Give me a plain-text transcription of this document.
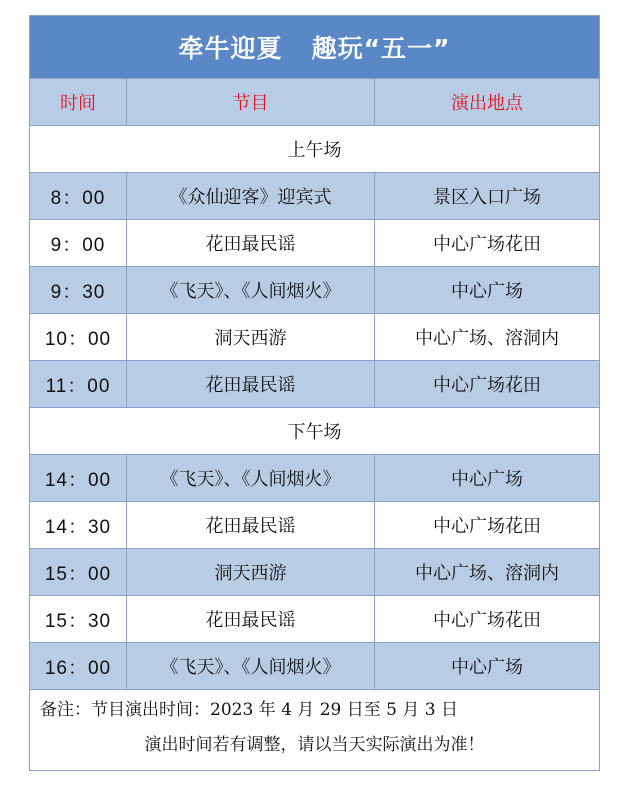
牵牛迎夏   趣玩“五一”
时间	节目	演出地点
上午场
8：00	《众仙迎客》迎宾式	景区入口广场
9：00	花田最民谣	中心广场花田
9：30	《飞天》、《人间烟火》	中心广场
10：00	洞天西游	中心广场、溶洞内
11：00	花田最民谣	中心广场花田
下午场
14：00	《飞天》、《人间烟火》	中心广场
14：30	花田最民谣	中心广场花田
15：00	洞天西游	中心广场、溶洞内
15：30	花田最民谣	中心广场花田
16：00	《飞天》、《人间烟火》	中心广场
备注：节目演出时间：2023 年 4 月 29 日至 5 月 3 日
演出时间若有调整，请以当天实际演出为准！
